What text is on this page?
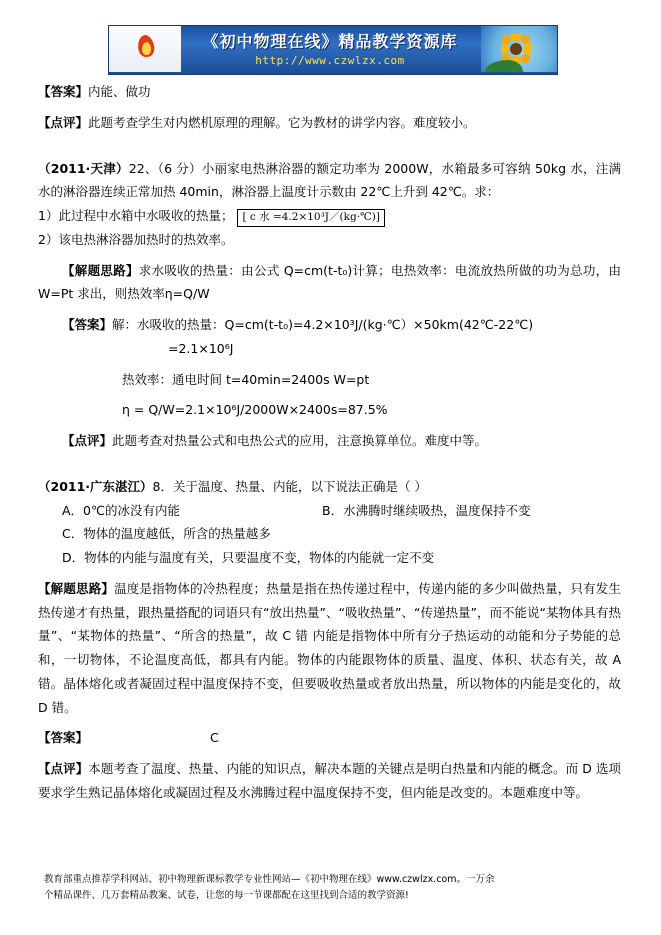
《初中物理在线》精品教学资源库
http://www.czwlzx.com

【答案】内能、做功

【点评】此题考查学生对内燃机原理的理解。它为教材的讲学内容。难度较小。

（2011·天津）22、（6 分）小丽家电热淋浴器的额定功率为 2000W，水箱最多可容纳 50kg 水，注满水的淋浴器连续正常加热 40min，淋浴器上温度计示数由 22℃上升到 42℃。求：

1）此过程中水箱中水吸收的热量； [ c 水 =4.2×10³J／(kg·℃)]

2）该电热淋浴器加热时的热效率。

【解题思路】求水吸收的热量：由公式 Q=cm(t-t₀)计算；电热效率：电流放热所做的功为总功，由 W=Pt 求出，则热效率η=Q/W

【答案】解：水吸收的热量：Q=cm(t-t₀)=4.2×10³J/(kg·℃）×50km(42℃-22℃)

=2.1×10⁶J

热效率：通电时间 t=40min=2400s W=pt

η = Q/W=2.1×10⁶J/2000W×2400s=87.5%

【点评】此题考查对热量公式和电热公式的应用，注意换算单位。难度中等。

（2011·广东湛江）8．关于温度、热量、内能，以下说法正确是（ ）

A．0℃的冰没有内能	B．水沸腾时继续吸热，温度保持不变
C．物体的温度越低，所含的热量越多
D．物体的内能与温度有关，只要温度不变，物体的内能就一定不变

【解题思路】温度是指物体的冷热程度；热量是指在热传递过程中，传递内能的多少叫做热量，只有发生热传递才有热量，跟热量搭配的词语只有“放出热量”、“吸收热量”、“传递热量”，而不能说“某物体具有热量”、“某物体的热量”、“所含的热量”，故 C 错 内能是指物体中所有分子热运动的动能和分子势能的总和，一切物体，不论温度高低，都具有内能。物体的内能跟物体的质量、温度、体积、状态有关，故 A 错。晶体熔化或者凝固过程中温度保持不变，但要吸收热量或者放出热量，所以物体的内能是变化的，故 D 错。

【答案】	C

【点评】本题考查了温度、热量、内能的知识点，解决本题的关键点是明白热量和内能的概念。而 D 选项要求学生熟记晶体熔化或凝固过程及水沸腾过程中温度保持不变，但内能是改变的。本题难度中等。

教育部重点推荐学科网站、初中物理新课标教学专业性网站—《初中物理在线》www.czwlzx.com。一万余
个精品课件、几万套精品教案、试卷，让您的每一节课都配在这里找到合适的教学资源!
